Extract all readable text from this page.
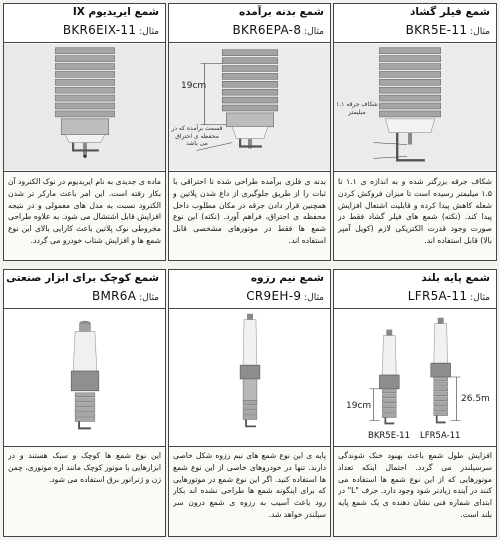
شمع ایریدیوم IX
BKR6EIX-11 مثال:
ماده ی جدیدی به نام ایریدیوم در نوک الکترود آن بکار رفته است. این امر باعث مارکر تر شدن الکترود نسبت به مدل های معمولی و در نتیجه افزایش قابل اشتشال می شود. به علاوه طراحی مخروطی نوک پلاتین باعث کارایی بالای این نوع شمع ها و افزایش شتاب خودرو می گردد.
شمع بدنه برآمده
BKR6EPA-8 مثال:
19cm
قسمت برآمده که در محفظه ی احتراق می باشد
بدنه ی فلزی برآمده طراحی شده تا احتراقی با ثبات را از طریق جلوگیری از داغ شدن پلاتین و همچنین قرار دادن جرقه در مکان مطلوب داخل محفظه ی احتراق، فراهم آورد. (نکته) این نوع شمع ها فقط در موتورهای مشخصی قابل استفاده اند.
شمع فیلر گشاد
BKR5E-11 مثال:
شکاف جرقه ۱.۱ میلیمتر
شکاف جرقه بزرگتر شده و به اندازه ی ۱.۱ تا ۱.۵ میلیمتر رسیده است تا میزان فروکش کردن شعله کاهش پیدا کرده و قابلیت اشتعال افزایش پیدا کند. (نکته) شمع های فیلر گشاد فقط در صورت وجود قدرت الکتریکی لازم (کویل آمپر بالا) قابل استفاده اند.
شمع کوچک برای ابزار صنعتی
BMR6A مثال:
این نوع شمع ها کوچک و سبک هستند و در ابزارهایی با موتور کوچک مانند اره موتوری، چمن زن و ژنراتور برق استفاده می شود.
شمع نیم رزوه
CR9EH-9 مثال:
پایه ی این نوع شمع های نیم رزوه شکل خاصی دارند. تنها در خودروهای خاصی از این نوع شمع ها استفاده کنید. اگر این نوع شمع در موتورهایی که برای اینگونه شمع ها طراحی نشده اند بکار رود باعث آسیب به رزوه ی شمع درون سر سیلندر خواهد شد.
شمع پایه بلند
LFR5A-11 مثال:
19cm
26.5m
BKR5E-11 LFR5A-11
افزایش طول شمع باعث بهبود خنک شوندگی سرسیلندر می گردد. احتمال اینکه تعداد موتورهایی که از این نوع شمع ها استفاده می کنند در آینده زیادتر شود وجود دارد. حرف "L" در ابتدای شماره فنی نشان دهنده ی یک شمع پایه بلند است.
